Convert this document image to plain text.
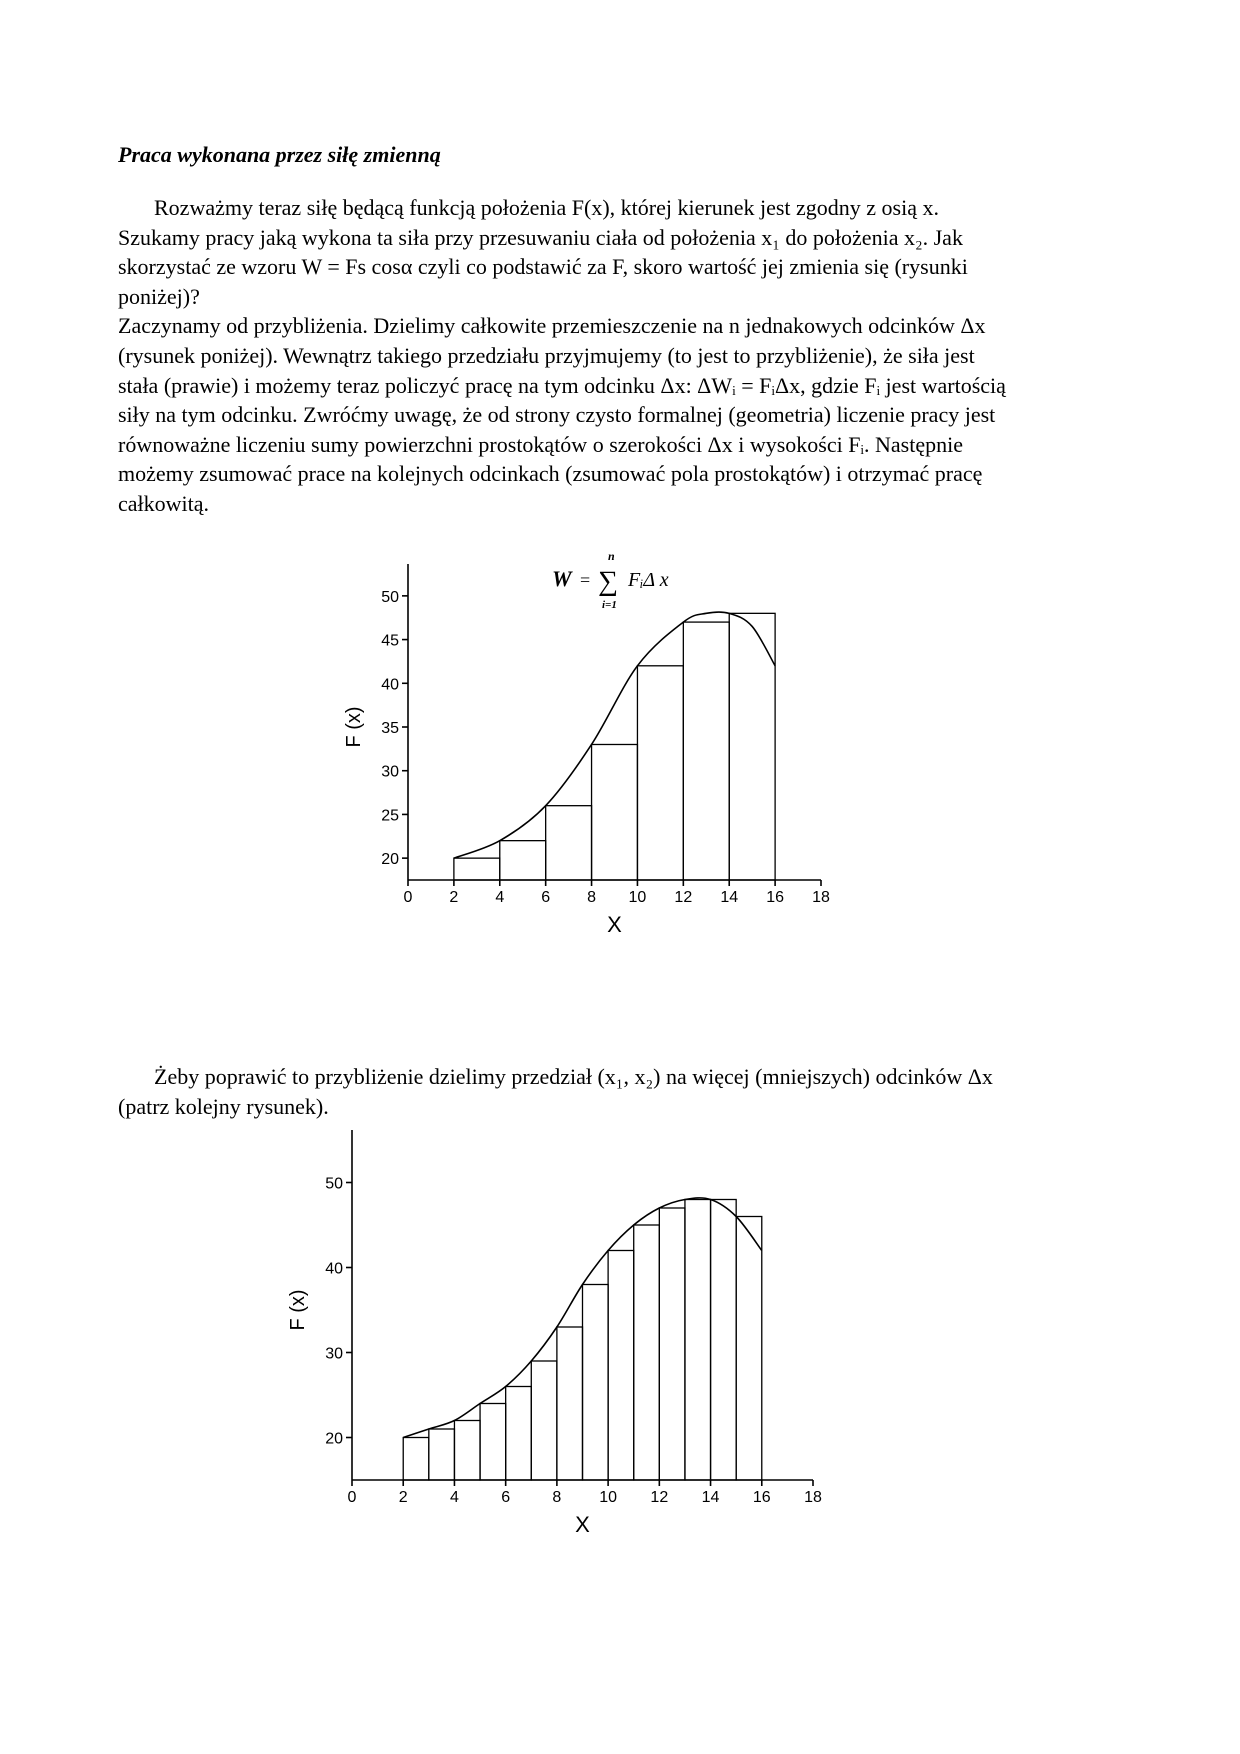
Praca wykonana przez siłę zmienną
Rozważmy teraz siłę będącą funkcją położenia F(x), której kierunek jest zgodny z osią x.
Szukamy pracy jaką wykona ta siła przy przesuwaniu ciała od położenia x₁ do położenia x₂. Jak
skorzystać ze wzoru W = Fs cosα czyli co podstawić za F, skoro wartość jej zmienia się (rysunki
poniżej)?
Zaczynamy od przybliżenia. Dzielimy całkowite przemieszczenie na n jednakowych odcinków Δx
(rysunek poniżej). Wewnątrz takiego przedziału przyjmujemy (to jest to przybliżenie), że siła jest
stała (prawie) i możemy teraz policzyć pracę na tym odcinku Δx: ΔWᵢ = FᵢΔx, gdzie Fᵢ jest wartością
siły na tym odcinku. Zwróćmy uwagę, że od strony czysto formalnej (geometria) liczenie pracy jest
równoważne liczeniu sumy powierzchni prostokątów o szerokości Δx i wysokości Fᵢ. Następnie
możemy zsumować prace na kolejnych odcinkach (zsumować pola prostokątów) i otrzymać pracę
całkowitą.
W = ∑
n
i=1
FᵢΔ x
0 2 4 6 8 10 12 14 16 18
20
25
30
35
40
45
50
X
F (x)
Żeby poprawić to przybliżenie dzielimy przedział (x₁, x₂) na więcej (mniejszych) odcinków Δx
(patrz kolejny rysunek).
0	2	4	6	8 10 12 14 16 18
20
30
40
50
X
F (x)
